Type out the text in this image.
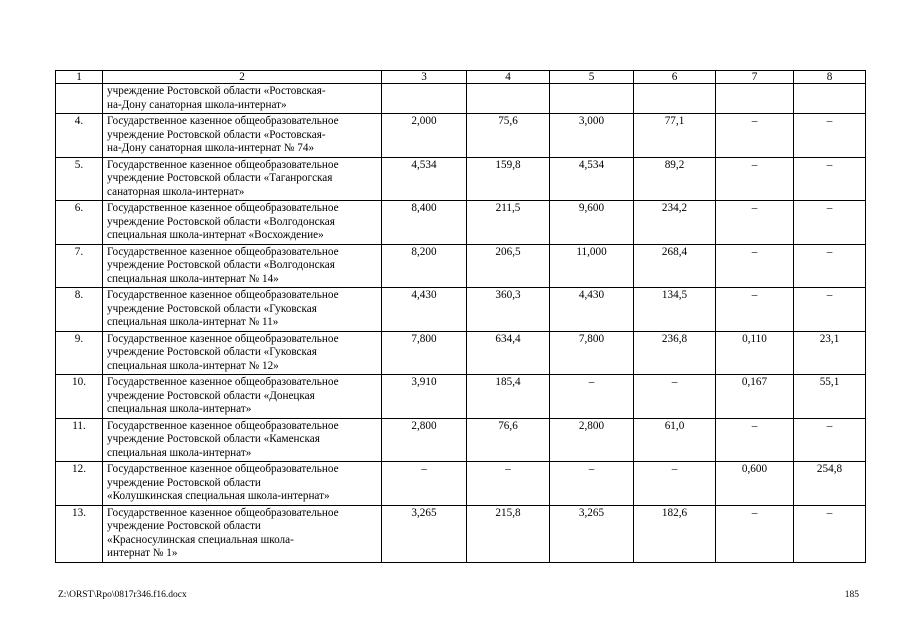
1	2	3	4	5	6	7	8
	учреждение Ростовской области «Ростовская-
на-Дону санаторная школа-интернат»						
4.	Государственное казенное общеобразовательное
учреждение Ростовской области «Ростовская-
на-Дону санаторная школа-интернат № 74»	2,000	75,6	3,000	77,1	–	–
5.	Государственное казенное общеобразовательное
учреждение Ростовской области «Таганрогская
санаторная школа-интернат»	4,534	159,8	4,534	89,2	–	–
6.	Государственное казенное общеобразовательное
учреждение Ростовской области «Волгодонская
специальная школа-интернат «Восхождение»	8,400	211,5	9,600	234,2	–	–
7.	Государственное казенное общеобразовательное
учреждение Ростовской области «Волгодонская
специальная школа-интернат № 14»	8,200	206,5	11,000	268,4	–	–
8.	Государственное казенное общеобразовательное
учреждение Ростовской области «Гуковская
специальная школа-интернат № 11»	4,430	360,3	4,430	134,5	–	–
9.	Государственное казенное общеобразовательное
учреждение Ростовской области «Гуковская
специальная школа-интернат № 12»	7,800	634,4	7,800	236,8	0,110	23,1
10.	Государственное казенное общеобразовательное
учреждение Ростовской области «Донецкая
специальная школа-интернат»	3,910	185,4	–	–	0,167	55,1
11.	Государственное казенное общеобразовательное
учреждение Ростовской области «Каменская
специальная школа-интернат»	2,800	76,6	2,800	61,0	–	–
12.	Государственное казенное общеобразовательное
учреждение Ростовской области
«Колушкинская специальная школа-интернат»	–	–	–	–	0,600	254,8
13.	Государственное казенное общеобразовательное
учреждение Ростовской области
«Красносулинская специальная школа-
интернат № 1»	3,265	215,8	3,265	182,6	–	–
Z:\ORST\Rpo\0817r346.f16.docx	185
